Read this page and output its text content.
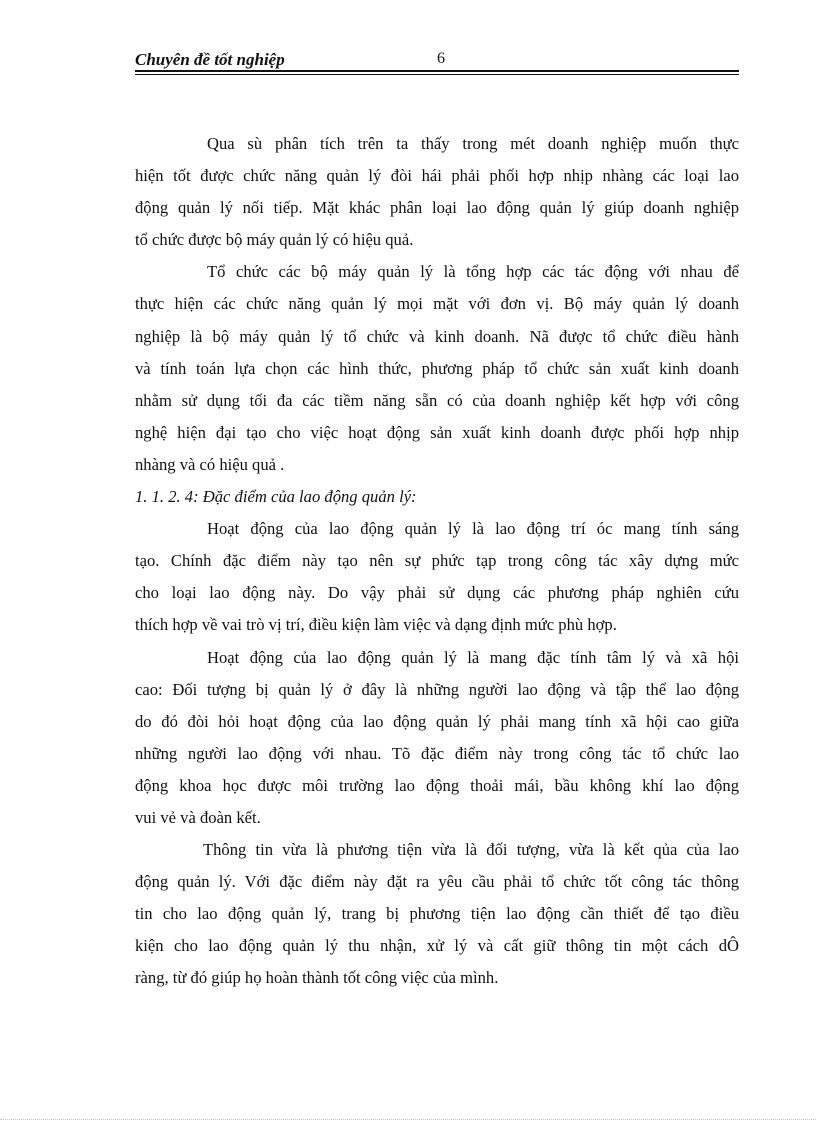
Chuyên đề tốt nghiệp	6

Qua sù phân tích trên ta thấy trong mét doanh nghiệp muốn thực
hiện tốt được chức năng quản lý đòi hái phải phối hợp nhịp nhàng các loại lao
động quản lý nối tiếp. Mặt khác phân loại lao động quản lý giúp doanh nghiệp
tổ chức được bộ máy quản lý có hiệu quả.

Tổ chức các bộ máy quản lý là tổng hợp các tác động với nhau để
thực hiện các chức năng quản lý mọi mặt với đơn vị. Bộ máy quản lý doanh
nghiệp là bộ máy quản lý tổ chức và kinh doanh. Nã được tổ chức điều hành
và tính toán lựa chọn các hình thức, phương pháp tổ chức sản xuất kinh doanh
nhằm sử dụng tối đa các tiềm năng sẵn có của doanh nghiệp kết hợp với công
nghệ hiện đại tạo cho việc hoạt động sản xuất kinh doanh được phối hợp nhịp
nhàng và có hiệu quả .

1. 1. 2. 4: Đặc điểm của lao động quản lý:

Hoạt động của lao động quản lý là lao động trí óc mang tính sáng
tạo. Chính đặc điểm này tạo nên sự phức tạp trong công tác xây dựng mức
cho loại lao động này. Do vậy phải sử dụng các phương pháp nghiên cứu
thích hợp về vai trò vị trí, điều kiện làm việc và dạng định mức phù hợp.

Hoạt động của lao động quản lý là mang đặc tính tâm lý và xã hội
cao: Đối tượng bị quản lý ở đây là những người lao động và tập thể lao động
do đó đòi hỏi hoạt động của lao động quản lý phải mang tính xã hội cao giữa
những người lao động với nhau. Tõ đặc điểm này trong công tác tổ chức lao
động khoa học được môi trường lao động thoải mái, bầu không khí lao động
vui vẻ và đoàn kết.

Thông tin vừa là phương tiện vừa là đối tượng, vừa là kết qủa của lao
động quản lý. Với đặc điểm này đặt ra yêu cầu phải tổ chức tốt công tác thông
tin cho lao động quản lý, trang bị phương tiện lao động cần thiết để tạo điều
kiện cho lao động quản lý thu nhận, xử lý và cất giữ thông tin một cách dÔ
ràng, từ đó giúp họ hoàn thành tốt công việc của mình.
